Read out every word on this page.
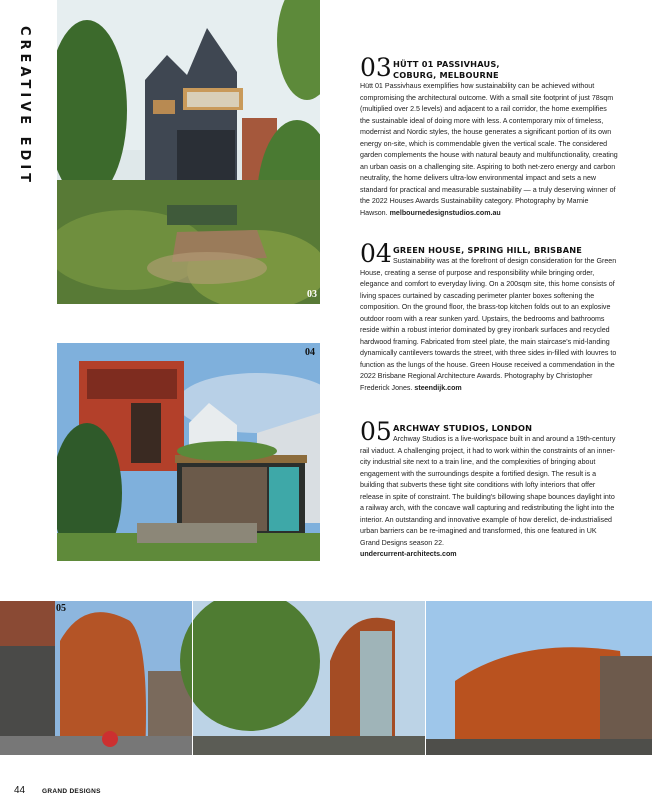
CREATIVE EDIT
03
04
05
03 HÜTT 01 PASSIVHAUS,
COBURG, MELBOURNE
Hütt 01 Passivhaus exemplifies how sustainability can be achieved without compromising the architectural outcome. With a small site footprint of just 78sqm (multiplied over 2.5 levels) and adjacent to a rail corridor, the home exemplifies the sustainable ideal of doing more with less. A contemporary mix of timeless, modernist and Nordic styles, the house generates a significant portion of its own energy on-site, which is commendable given the vertical scale. The considered garden complements the house with natural beauty and multifunctionality, creating an urban oasis on a challenging site. Aspiring to both net-zero energy and carbon neutrality, the home delivers ultra-low environmental impact and sets a new standard for practical and measurable sustainability — a truly deserving winner of the 2022 Houses Awards Sustainability category. Photography by Marnie Hawson. melbournedesignstudios.com.au
04 GREEN HOUSE, SPRING HILL, BRISBANE
Sustainability was at the forefront of design consideration for the Green House, creating a sense of purpose and responsibility while bringing order, elegance and comfort to everyday living. On a 200sqm site, this home consists of living spaces curtained by cascading perimeter planter boxes softening the composition. On the ground floor, the brass-top kitchen folds out to an explosive outdoor room with a rear sunken yard. Upstairs, the bedrooms and bathrooms reside within a robust interior dominated by grey ironbark surfaces and recycled hardwood framing. Fabricated from steel plate, the main staircase's mid-landing dynamically cantilevers towards the street, with three sides in-filled with louvres to function as the lungs of the house. Green House received a commendation in the 2022 Brisbane Regional Architecture Awards. Photography by Christopher Frederick Jones. steendijk.com
05 ARCHWAY STUDIOS, LONDON
Archway Studios is a live-workspace built in and around a 19th-century rail viaduct. A challenging project, it had to work within the constraints of an inner-city industrial site next to a train line, and the complexities of bringing about engagement with the surroundings despite a fortified design. The result is a building that subverts these tight site conditions with lofty interiors that offer release in spite of constraint. The building's billowing shape bounces daylight into a railway arch, with the concave wall capturing and redistributing the light into the interior. An outstanding and innovative example of how derelict, de-industrialised urban barriers can be re-imagined and transformed, this one featured in UK Grand Designs season 22.
undercurrent-architects.com
44	GRAND DESIGNS
